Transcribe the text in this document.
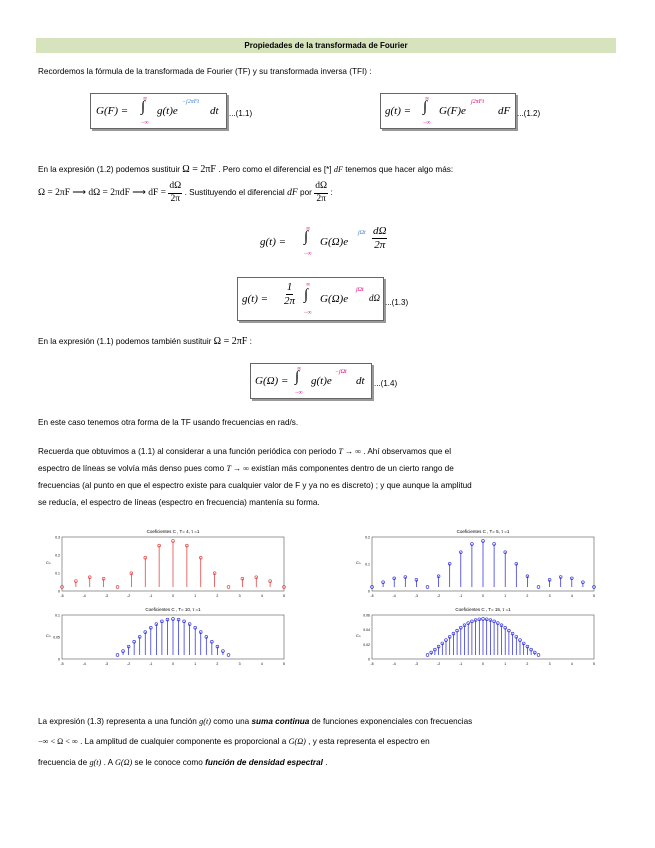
Propiedades de la transformada de Fourier
Recordemos la fórmula de la transformada de Fourier (TF) y su transformada inversa (TFI) :
G(F) =
∞
∫
−∞
g(t)e
−j2πFt
dt ...(1.1)	g(t) =
∞
∫
−∞
G(F)e
j2πFt
dF ...(1.2)
En la expresión (1.2) podemos sustituir Ω = 2πF . Pero como el diferencial es [*] dF tenemos que hacer algo más:
Ω = 2πF ⟶ dΩ = 2πdF ⟶ dF = $\frac{d\Omega}{2\pi}$ . Sustituyendo el diferencial dF por $\frac{d\Omega}{2\pi}$ :
g(t) =
∞
∫
−∞
G(Ω)e
jΩt $\frac{d\Omega}{2\pi}$
$g(t) = \frac{1}{2\pi}$ ∞
∫
−∞
G(Ω)e
jΩt
dΩ ...(1.3)
En la expresión (1.1) podemos también sustituir Ω = 2πF :
G(Ω) =
∞
∫
−∞
g(t)e
−jΩt
dt ...(1.4)
En este caso tenemos otra forma de la TF usando frecuencias en rad/s.
Recuerda que obtuvimos a (1.1) al considerar a una función periódica con periodo T → ∞ . Ahí observamos que el
espectro de líneas se volvía más denso pues como T → ∞ existían más componentes dentro de un cierto rango de
frecuencias (al punto en que el espectro existe para cualquier valor de F y ya no es discreto) ; y que aunque la amplitud
se reducía, el espectro de líneas (espectro en frecuencia) mantenía su forma.
Coeficientes C , T= 4, τ =1
Cₙ
0.3
0.2
0.1
0
-5	-4	-3	-2	-1	0	1	2	3	4	5
Coeficientes C , T= 5, τ =1
Cₙ
0.2
0.1
0
-5	-4	-3	-2	-1	0	1	2	3	4	5
Coeficientes C , T= 10, τ =1
Cₙ
0.1
0.05
0
-5	-4	-3	-2	-1	0	1	2	3	4	5
Coeficientes C , T= 15, τ =1
Cₙ
0.06
0.04
0.02
0
-5	-4	-3	-2	-1	0	1	2	3	4	5
La expresión (1.3) representa a una función g(t) como una suma continua de funciones exponenciales con frecuencias
−∞ < Ω < ∞ . La amplitud de cualquier componente es proporcional a G(Ω) , y esta representa el espectro en
frecuencia de g(t) . A G(Ω) se le conoce como función de densidad espectral .
